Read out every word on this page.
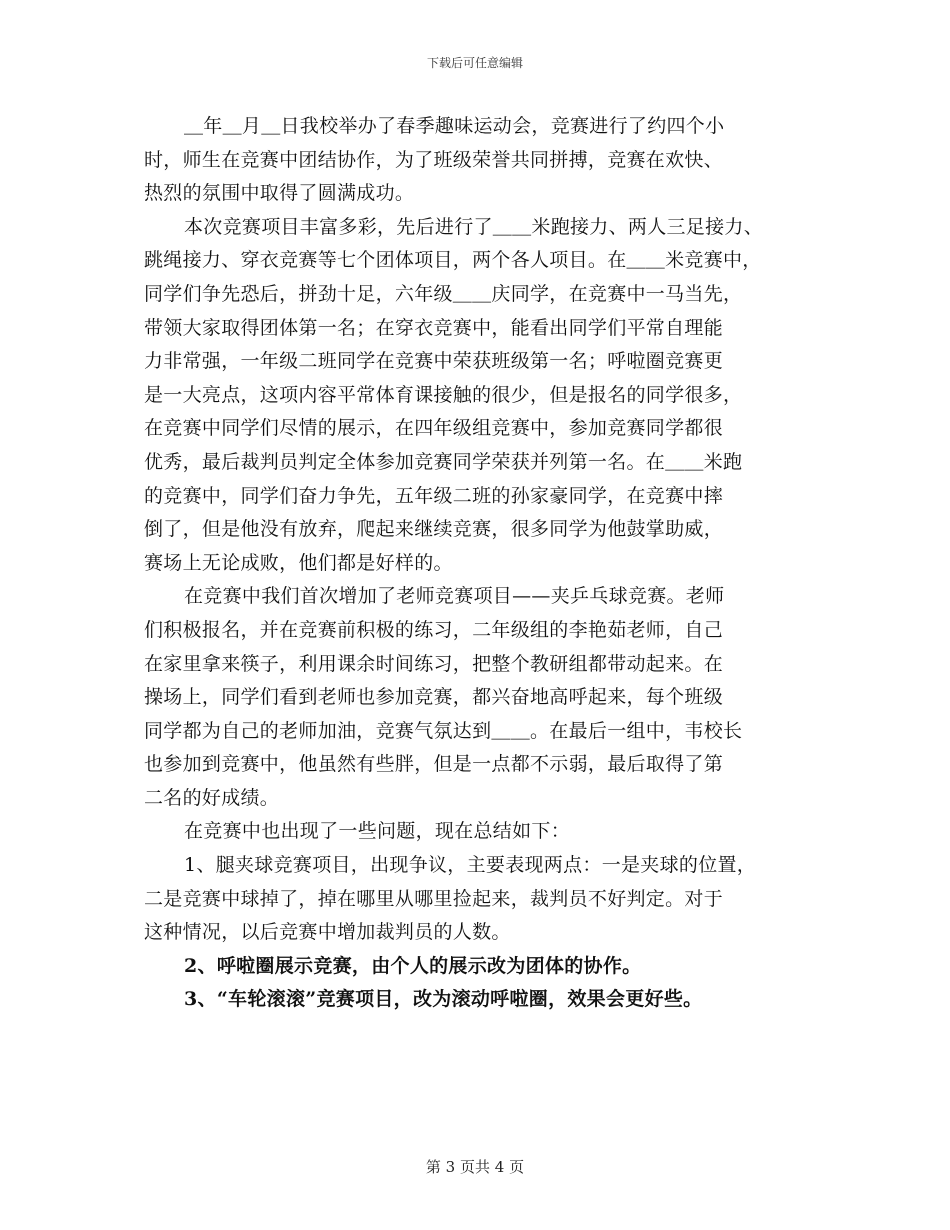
下载后可任意编辑
＿年＿月＿日我校举办了春季趣味运动会，竞赛进行了约四个小
时，师生在竞赛中团结协作，为了班级荣誉共同拼搏，竞赛在欢快、
热烈的氛围中取得了圆满成功。
本次竞赛项目丰富多彩，先后进行了＿＿米跑接力、两人三足接力、
跳绳接力、穿衣竞赛等七个团体项目，两个各人项目。在＿＿米竞赛中，
同学们争先恐后，拼劲十足，六年级＿＿庆同学，在竞赛中一马当先，
带领大家取得团体第一名；在穿衣竞赛中，能看出同学们平常自理能
力非常强，一年级二班同学在竞赛中荣获班级第一名；呼啦圈竞赛更
是一大亮点，这项内容平常体育课接触的很少，但是报名的同学很多，
在竞赛中同学们尽情的展示，在四年级组竞赛中，参加竞赛同学都很
优秀，最后裁判员判定全体参加竞赛同学荣获并列第一名。在＿＿米跑
的竞赛中，同学们奋力争先，五年级二班的孙家豪同学，在竞赛中摔
倒了，但是他没有放弃，爬起来继续竞赛，很多同学为他鼓掌助威，
赛场上无论成败，他们都是好样的。
在竞赛中我们首次增加了老师竞赛项目——夹乒乓球竞赛。老师
们积极报名，并在竞赛前积极的练习，二年级组的李艳茹老师，自己
在家里拿来筷子，利用课余时间练习，把整个教研组都带动起来。在
操场上，同学们看到老师也参加竞赛，都兴奋地高呼起来，每个班级
同学都为自己的老师加油，竞赛气氛达到＿＿。在最后一组中，韦校长
也参加到竞赛中，他虽然有些胖，但是一点都不示弱，最后取得了第
二名的好成绩。
在竞赛中也出现了一些问题，现在总结如下：
1、腿夹球竞赛项目，出现争议，主要表现两点：一是夹球的位置，
二是竞赛中球掉了，掉在哪里从哪里捡起来，裁判员不好判定。对于
这种情况，以后竞赛中增加裁判员的人数。
2、呼啦圈展示竞赛，由个人的展示改为团体的协作。
3、“车轮滚滚”竞赛项目，改为滚动呼啦圈，效果会更好些。
第 3 页共 4 页
